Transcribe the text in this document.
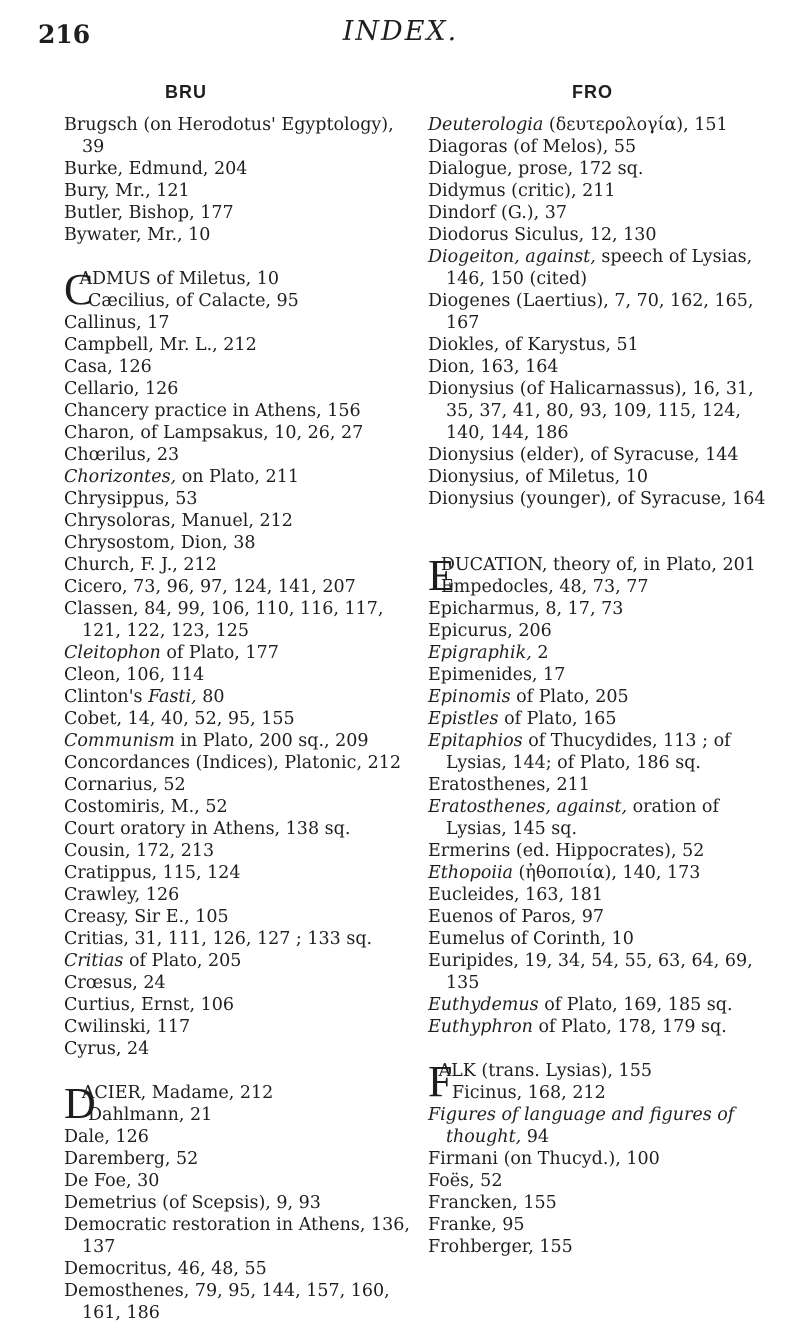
216	INDEX.
BRU	FRO
Brugsch (on Herodotus' Egyptology), 39
Burke, Edmund, 204
Bury, Mr., 121
Butler, Bishop, 177
Bywater, Mr., 10
C
ADMUS of Miletus, 10
Cæcilius, of Calacte, 95
Callinus, 17
Campbell, Mr. L., 212
Casa, 126
Cellario, 126
Chancery practice in Athens, 156
Charon, of Lampsakus, 10, 26, 27
Chœrilus, 23
Chorizontes, on Plato, 211
Chrysippus, 53
Chrysoloras, Manuel, 212
Chrysostom, Dion, 38
Church, F. J., 212
Cicero, 73, 96, 97, 124, 141, 207
Classen, 84, 99, 106, 110, 116, 117, 121, 122, 123, 125
Cleitophon of Plato, 177
Cleon, 106, 114
Clinton's Fasti, 80
Cobet, 14, 40, 52, 95, 155
Communism in Plato, 200 sq., 209
Concordances (Indices), Platonic, 212
Cornarius, 52
Costomiris, M., 52
Court oratory in Athens, 138 sq.
Cousin, 172, 213
Cratippus, 115, 124
Crawley, 126
Creasy, Sir E., 105
Critias, 31, 111, 126, 127 ; 133 sq.
Critias of Plato, 205
Crœsus, 24
Curtius, Ernst, 106
Cwilinski, 117
Cyrus, 24
D
ACIER, Madame, 212
Dahlmann, 21
Dale, 126
Daremberg, 52
De Foe, 30
Demetrius (of Scepsis), 9, 93
Democratic restoration in Athens, 136, 137
Democritus, 46, 48, 55
Demosthenes, 79, 95, 144, 157, 160, 161, 186
Deuterologia (δευτερολογία), 151
Diagoras (of Melos), 55
Dialogue, prose, 172 sq.
Didymus (critic), 211
Dindorf (G.), 37
Diodorus Siculus, 12, 130
Diogeiton, against, speech of Lysias, 146, 150 (cited)
Diogenes (Laertius), 7, 70, 162, 165, 167
Diokles, of Karystus, 51
Dion, 163, 164
Dionysius (of Halicarnassus), 16, 31, 35, 37, 41, 80, 93, 109, 115, 124, 140, 144, 186
Dionysius (elder), of Syracuse, 144
Dionysius, of Miletus, 10
Dionysius (younger), of Syracuse, 164
E
DUCATION, theory of, in Plato, 201
Empedocles, 48, 73, 77
Epicharmus, 8, 17, 73
Epicurus, 206
Epigraphik, 2
Epimenides, 17
Epinomis of Plato, 205
Epistles of Plato, 165
Epitaphios of Thucydides, 113 ; of Lysias, 144; of Plato, 186 sq.
Eratosthenes, 211
Eratosthenes, against, oration of Lysias, 145 sq.
Ermerins (ed. Hippocrates), 52
Ethopoiia (ἠθοποιία), 140, 173
Eucleides, 163, 181
Euenos of Paros, 97
Eumelus of Corinth, 10
Euripides, 19, 34, 54, 55, 63, 64, 69, 135
Euthydemus of Plato, 169, 185 sq.
Euthyphron of Plato, 178, 179 sq.
F
ALK (trans. Lysias), 155
Ficinus, 168, 212
Figures of language and figures of thought, 94
Firmani (on Thucyd.), 100
Foës, 52
Francken, 155
Franke, 95
Frohberger, 155
